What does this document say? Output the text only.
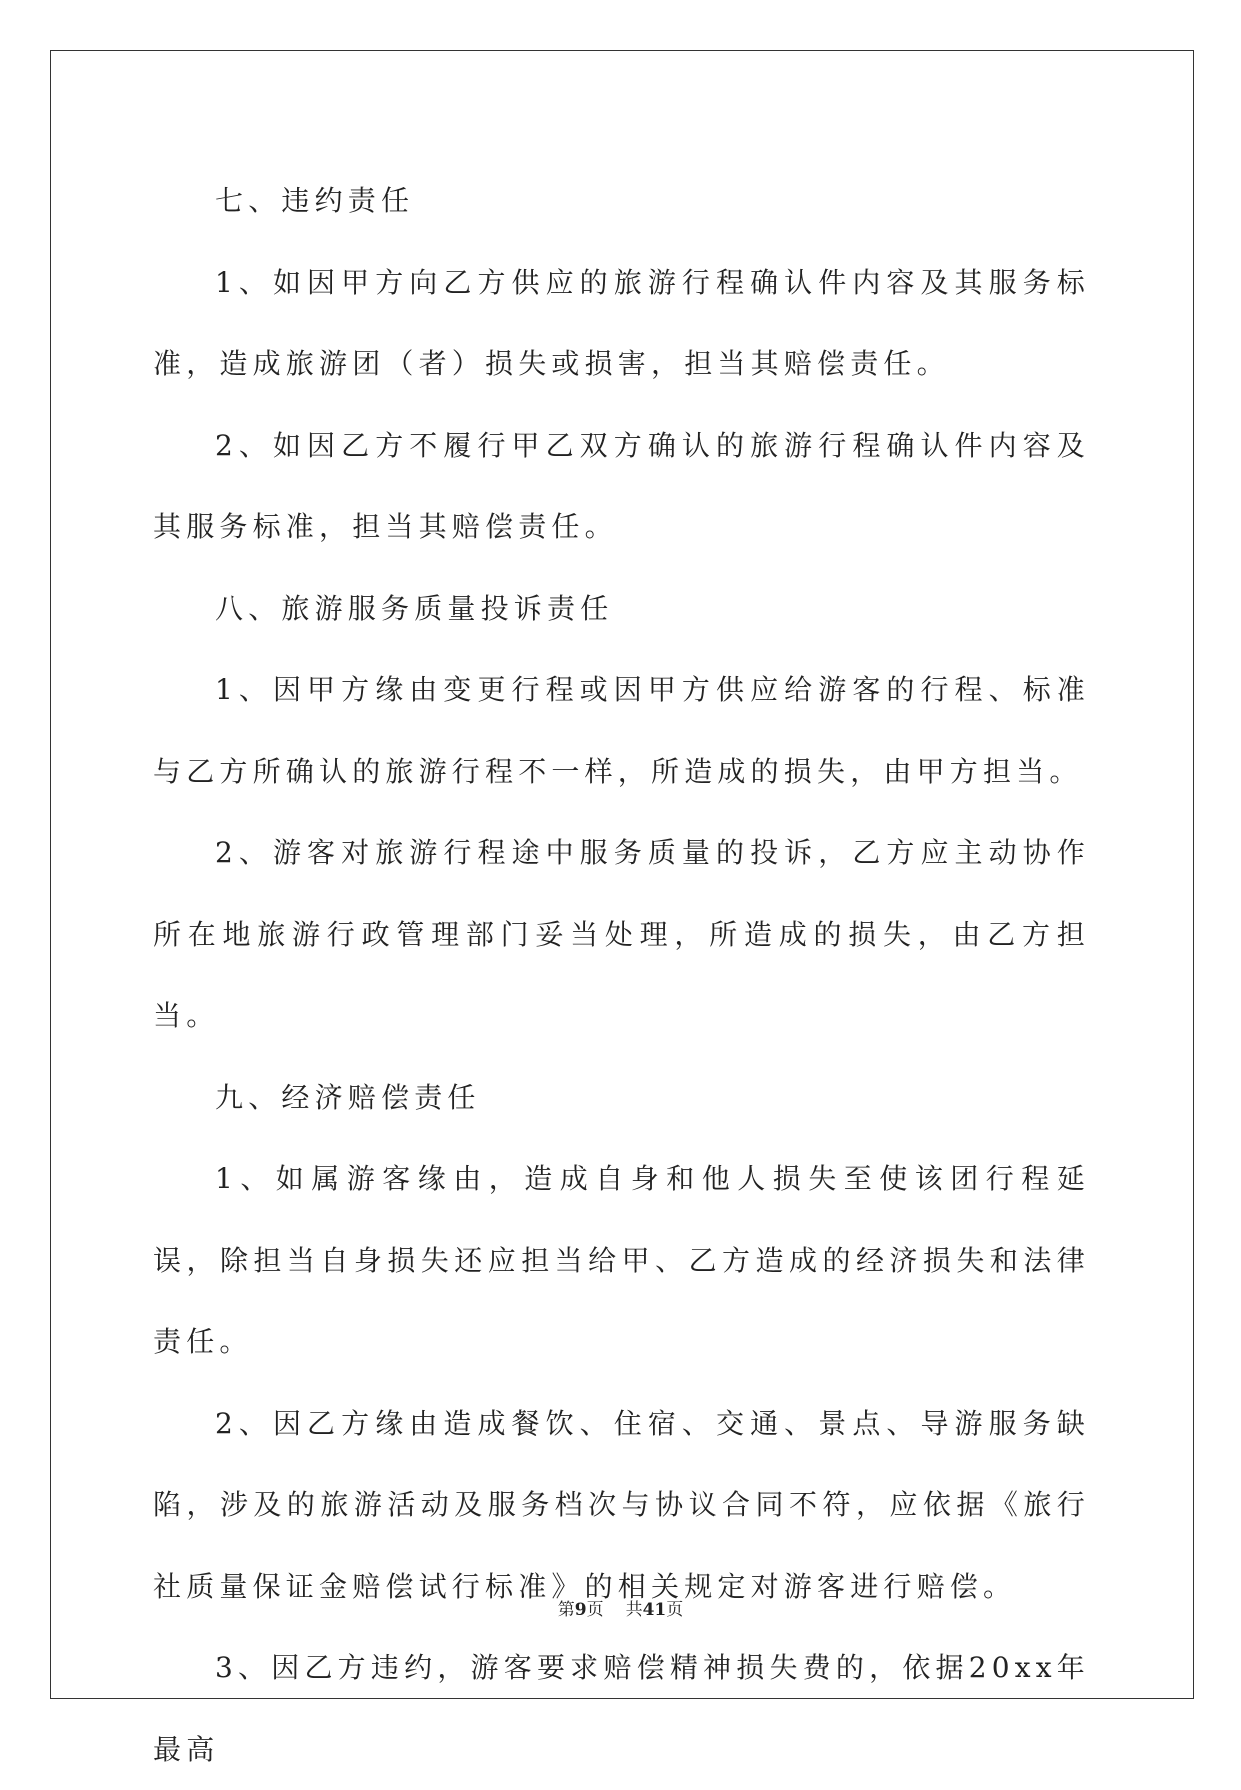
七、违约责任

1、如因甲方向乙方供应的旅游行程确认件内容及其服务标准，造成旅游团（者）损失或损害，担当其赔偿责任。

2、如因乙方不履行甲乙双方确认的旅游行程确认件内容及其服务标准，担当其赔偿责任。

八、旅游服务质量投诉责任

1、因甲方缘由变更行程或因甲方供应给游客的行程、标准与乙方所确认的旅游行程不一样，所造成的损失，由甲方担当。

2、游客对旅游行程途中服务质量的投诉，乙方应主动协作所在地旅游行政管理部门妥当处理，所造成的损失，由乙方担当。

九、经济赔偿责任

1、如属游客缘由，造成自身和他人损失至使该团行程延误，除担当自身损失还应担当给甲、乙方造成的经济损失和法律责任。

2、因乙方缘由造成餐饮、住宿、交通、景点、导游服务缺陷，涉及的旅游活动及服务档次与协议合同不符，应依据《旅行社质量保证金赔偿试行标准》的相关规定对游客进行赔偿。

3、因乙方违约，游客要求赔偿精神损失费的，依据20xx年最高

第9页 共41页
